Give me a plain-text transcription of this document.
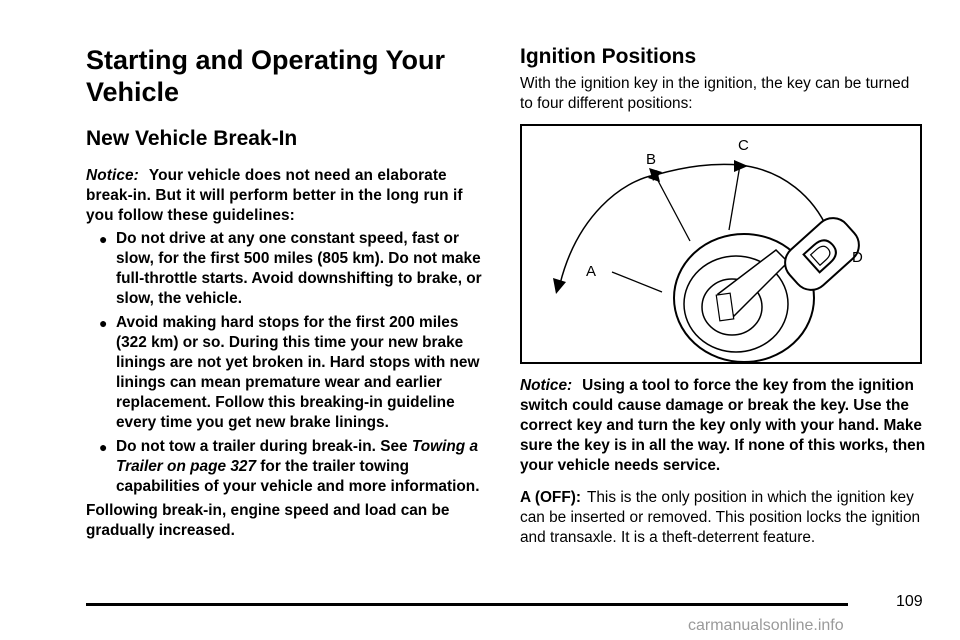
Starting and Operating Your Vehicle
New Vehicle Break-In

Notice: Your vehicle does not need an elaborate break-in. But it will perform better in the long run if you follow these guidelines:

● Do not drive at any one constant speed, fast or slow, for the first 500 miles (805 km). Do not make full-throttle starts. Avoid downshifting to brake, or slow, the vehicle.
● Avoid making hard stops for the first 200 miles (322 km) or so. During this time your new brake linings are not yet broken in. Hard stops with new linings can mean premature wear and earlier replacement. Follow this breaking-in guideline every time you get new brake linings.
● Do not tow a trailer during break-in. See Towing a Trailer on page 327 for the trailer towing capabilities of your vehicle and more information.

Following break-in, engine speed and load can be gradually increased.

Ignition Positions

With the ignition key in the ignition, the key can be turned to four different positions:

B
C
D
A

Notice: Using a tool to force the key from the ignition switch could cause damage or break the key. Use the correct key and turn the key only with your hand. Make sure the key is in all the way. If none of this works, then your vehicle needs service.

A (OFF): This is the only position in which the ignition key can be inserted or removed. This position locks the ignition and transaxle. It is a theft-deterrent feature.

109
carmanualsonline.info
